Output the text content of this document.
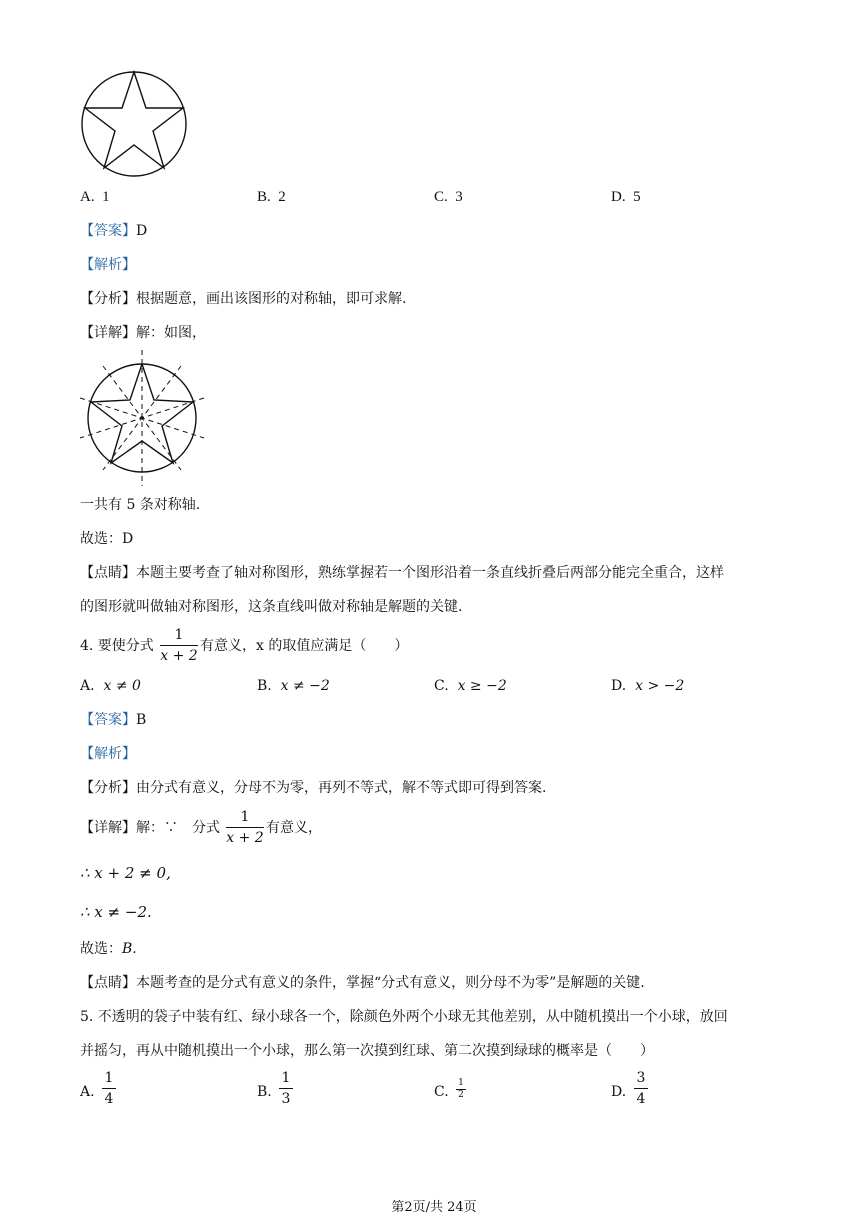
A. 1	B. 2	C. 3	D. 5
【答案】D
【解析】
【分析】根据题意，画出该图形的对称轴，即可求解.
【详解】解：如图，
一共有 5 条对称轴.
故选：D
【点睛】本题主要考查了轴对称图形，熟练掌握若一个图形沿着一条直线折叠后两部分能完全重合，这样
的图形就叫做轴对称图形，这条直线叫做对称轴是解题的关键.
4. 要使分式
1
x + 2
有意义，x 的取值应满足（　　）
A. x ≠ 0	B. x ≠ −2	C. x ≥ −2	D. x > −2
【答案】B
【解析】
【分析】由分式有意义，分母不为零，再列不等式，解不等式即可得到答案.
【详解】解：∵　分式
1
x + 2
有意义，
∴ x + 2 ≠ 0,
∴ x ≠ −2.
故选：B.
【点睛】本题考查的是分式有意义的条件，掌握“分式有意义，则分母不为零”是解题的关键.
5. 不透明的袋子中装有红、绿小球各一个，除颜色外两个小球无其他差别，从中随机摸出一个小球，放回
并摇匀，再从中随机摸出一个小球，那么第一次摸到红球、第二次摸到绿球的概率是（　　）
A.
1
4	B.
1
3	C.
1
2	D.
3
4
第2页/共 24页
